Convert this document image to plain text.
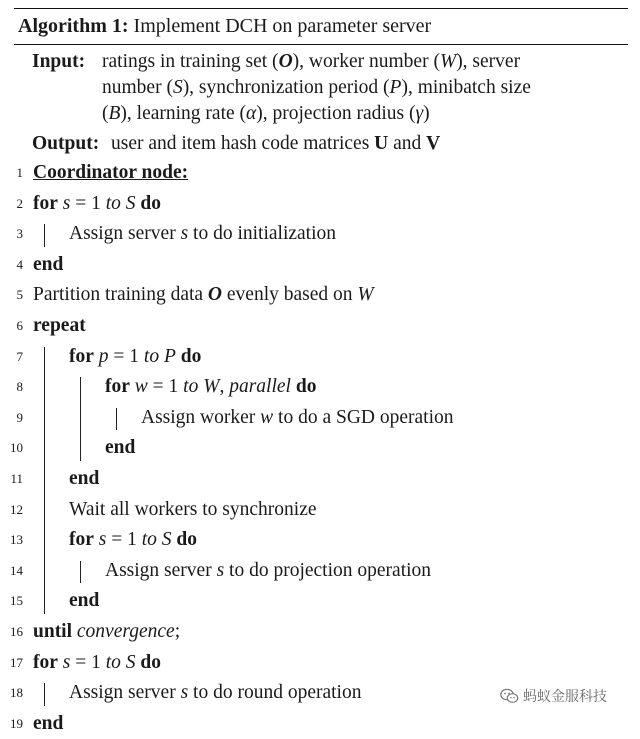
Algorithm 1: Implement DCH on parameter server
Input: ratings in training set (O), worker number (W), server
number (S), synchronization period (P), minibatch size
(B), learning rate (α), projection radius (γ)
Output: user and item hash code matrices U and V
1 Coordinator node:
2 for s = 1 to S do
3 Assign server s to do initialization
4 end
5 Partition training data O evenly based on W
6 repeat
7 for p = 1 to P do
8	for w = 1 to W, parallel do
9	Assign worker w to do a SGD operation
10	end
11 end
12 Wait all workers to synchronize
13 for s = 1 to S do
14	Assign server s to do projection operation
15 end
16 until convergence;
17 for s = 1 to S do
18 Assign server s to do round operation
19 end
蚂蚁金服科技
